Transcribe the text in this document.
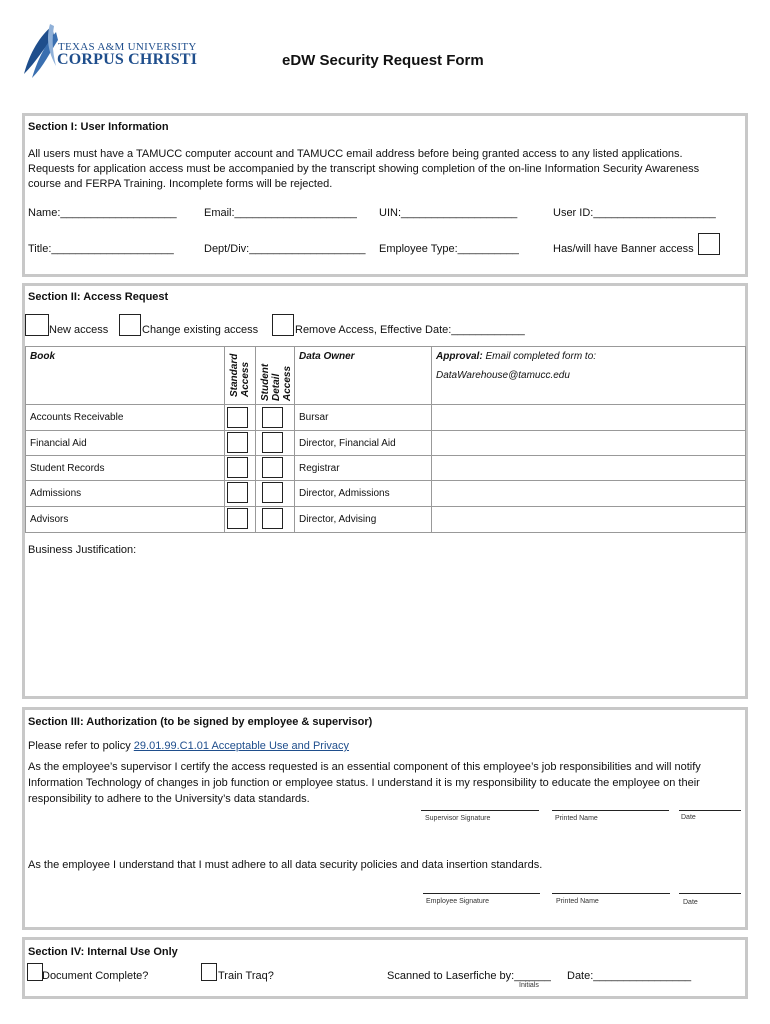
TEXAS A&M UNIVERSITY
CORPUS CHRISTI	eDW Security Request Form
Section I: User Information
All users must have a TAMUCC computer account and TAMUCC email address before being granted access to any listed applications. Requests for application access must be accompanied by the transcript showing completion of the on-line Information Security Awareness course and FERPA Training. Incomplete forms will be rejected.
Name:___________________ Email:____________________ UIN:___________________	User ID:____________________
Title:____________________	Dept/Div:___________________ Employee Type:__________	Has/will have Banner access
Section II: Access Request
New access	Change existing access	Remove Access, Effective Date:____________
Book	Standard Access	Student Detail Access	Data Owner	Approval: Email completed form to:
DataWarehouse@tamucc.edu

Accounts Receivable			Bursar	
Financial Aid			Director, Financial Aid	
Student Records			Registrar	
Admissions			Director, Admissions	
Advisors			Director, Advising	
Business Justification:
Section III: Authorization (to be signed by employee & supervisor)
Please refer to policy 29.01.99.C1.01 Acceptable Use and Privacy
As the employee’s supervisor I certify the access requested is an essential component of this employee’s job responsibilities and will notify Information Technology of changes in job function or employee status. I understand it is my responsibility to educate the employee on their responsibility to adhere to the University’s data standards.
Supervisor Signature	Printed Name	Date
As the employee I understand that I must adhere to all data security policies and data insertion standards.
Employee Signature	Printed Name	Date
Section IV: Internal Use Only
Document Complete?	Train Traq?	Scanned to Laserfiche by:______
Initials
Date:________________
